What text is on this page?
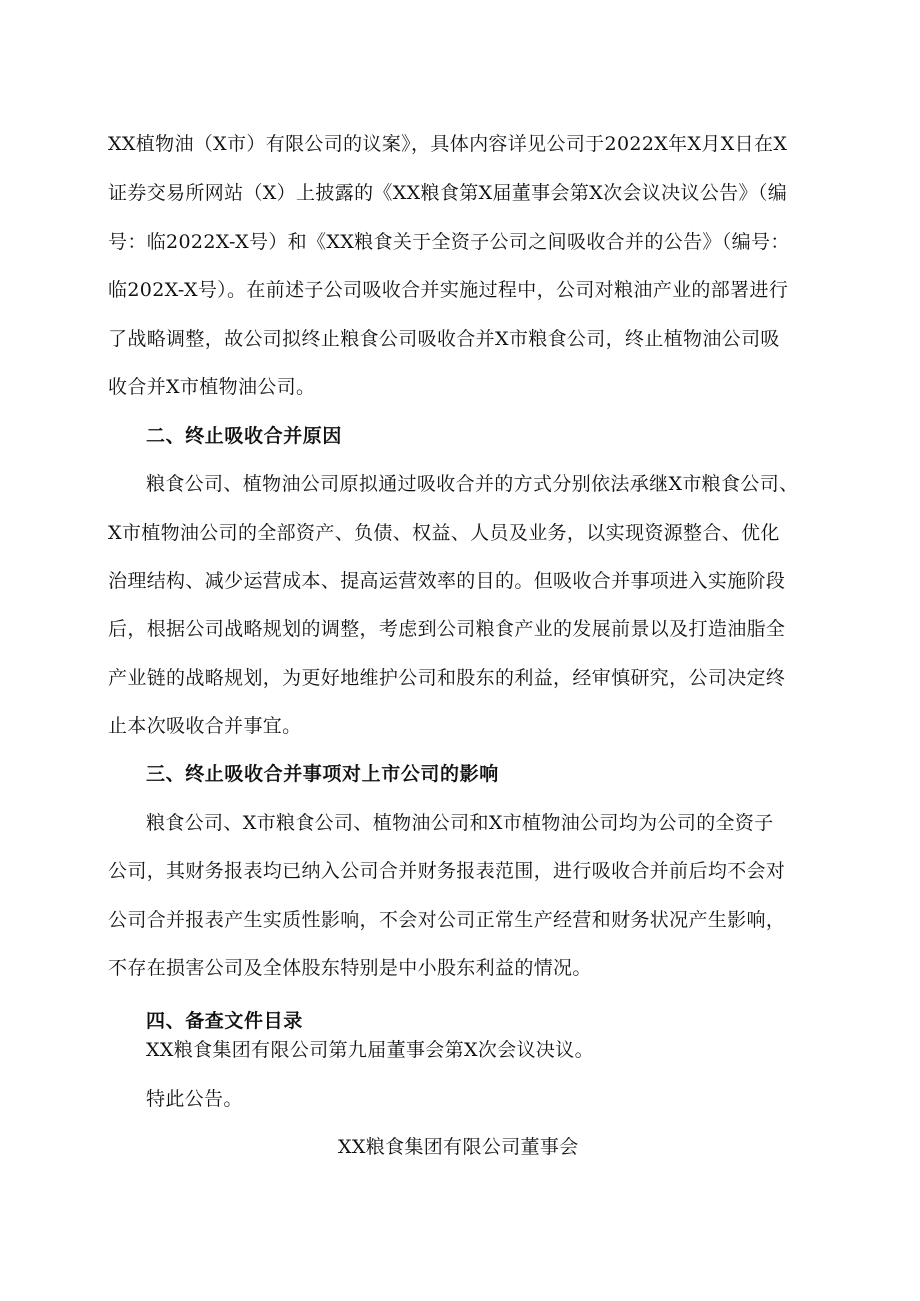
XX植物油（X市）有限公司的议案》，具体内容详见公司于2022X年X月X日在X
证券交易所网站（X）上披露的《XX粮食第X届董事会第X次会议决议公告》（编
号：临2022X-X号）和《XX粮食关于全资子公司之间吸收合并的公告》（编号：
临202X-X号）。在前述子公司吸收合并实施过程中，公司对粮油产业的部署进行
了战略调整，故公司拟终止粮食公司吸收合并X市粮食公司，终止植物油公司吸
收合并X市植物油公司。
二、终止吸收合并原因
粮食公司、植物油公司原拟通过吸收合并的方式分别依法承继X市粮食公司、
X市植物油公司的全部资产、负债、权益、人员及业务，以实现资源整合、优化
治理结构、减少运营成本、提高运营效率的目的。但吸收合并事项进入实施阶段
后，根据公司战略规划的调整，考虑到公司粮食产业的发展前景以及打造油脂全
产业链的战略规划，为更好地维护公司和股东的利益，经审慎研究，公司决定终
止本次吸收合并事宜。
三、终止吸收合并事项对上市公司的影响
粮食公司、X市粮食公司、植物油公司和X市植物油公司均为公司的全资子
公司，其财务报表均已纳入公司合并财务报表范围，进行吸收合并前后均不会对
公司合并报表产生实质性影响，不会对公司正常生产经营和财务状况产生影响，
不存在损害公司及全体股东特别是中小股东利益的情况。
四、备查文件目录
XX粮食集团有限公司第九届董事会第X次会议决议。
特此公告。
XX粮食集团有限公司董事会
